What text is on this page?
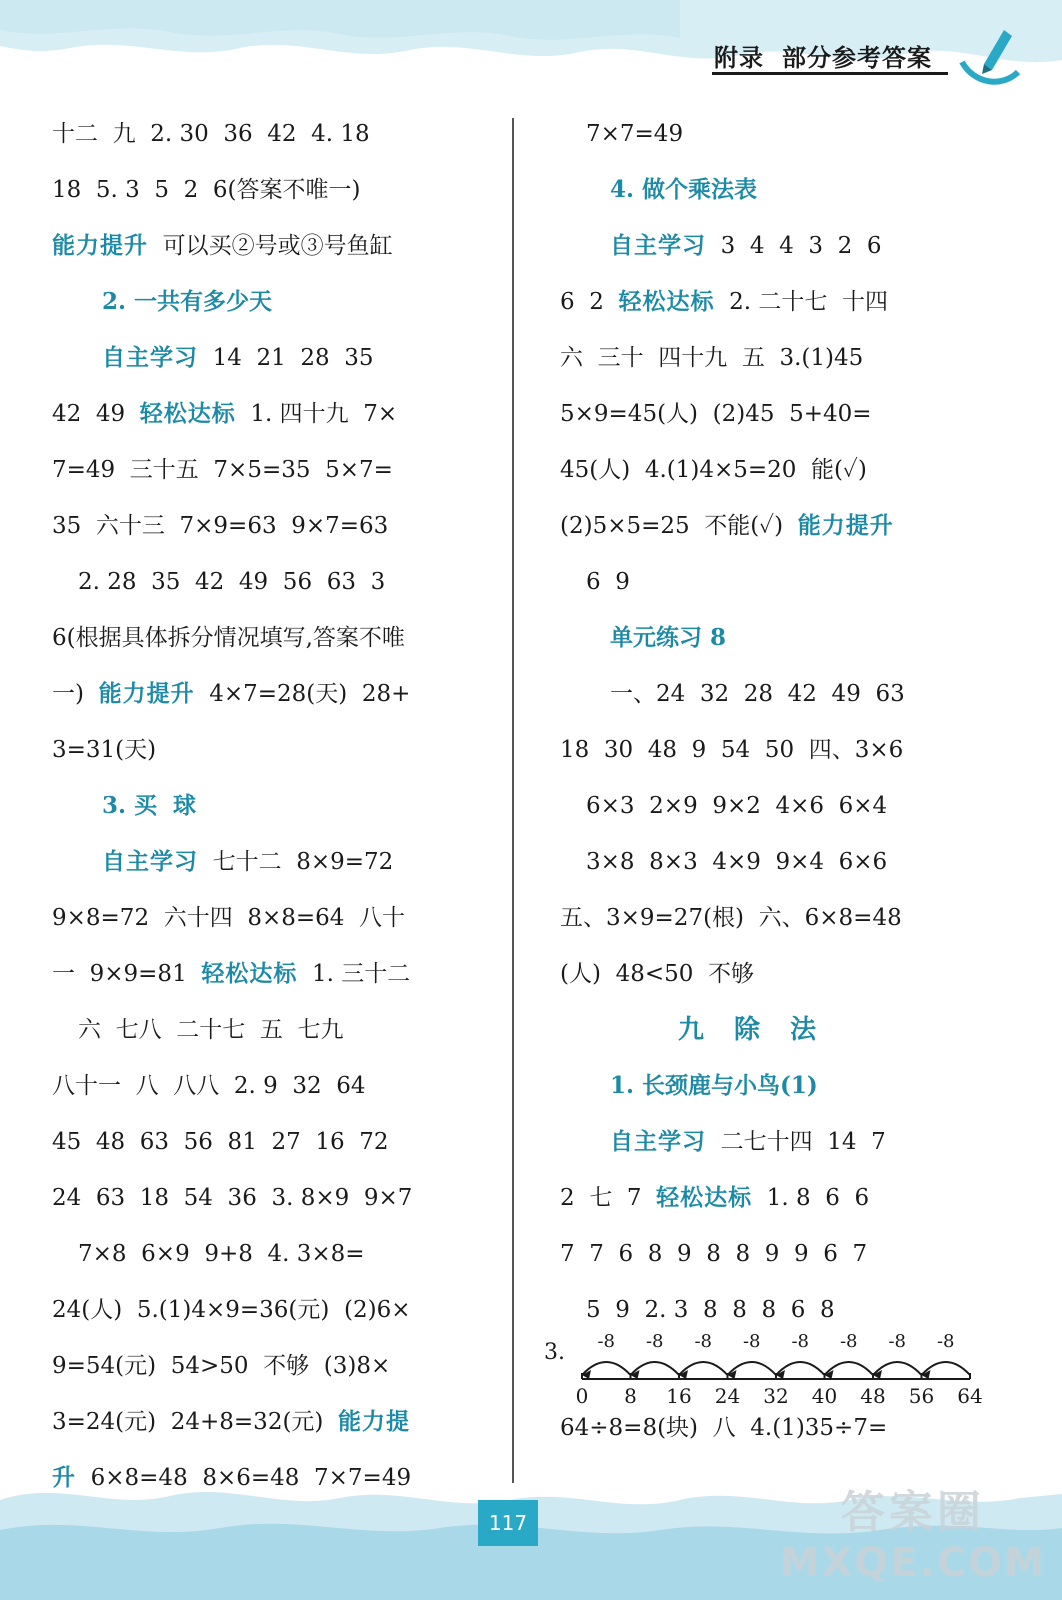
附录 部分参考答案
十二  九  2. 30  36  42  4. 18
18  5. 3  5  2  6(答案不唯一)
能力提升  可以买②号或③号鱼缸
2. 一共有多少天
自主学习  14  21  28  35
42  49  轻松达标  1. 四十九  7×
7=49  三十五  7×5=35  5×7=
35  六十三  7×9=63  9×7=63
2. 28  35  42  49  56  63  3
6(根据具体拆分情况填写,答案不唯
一)  能力提升  4×7=28(天)  28+
3=31(天)
3. 买  球
自主学习  七十二  8×9=72
9×8=72  六十四  8×8=64  八十
一  9×9=81  轻松达标  1. 三十二
六  七八  二十七  五  七九
八十一  八  八八  2. 9  32  64
45  48  63  56  81  27  16  72
24  63  18  54  36  3. 8×9  9×7
7×8  6×9  9+8  4. 3×8=
24(人)  5.(1)4×9=36(元)  (2)6×
9=54(元)  54>50  不够  (3)8×
3=24(元)  24+8=32(元)  能力提
升  6×8=48  8×6=48  7×7=49
7×7=49
4. 做个乘法表
自主学习  3  4  4  3  2  6
6  2  轻松达标  2. 二十七  十四
六  三十  四十九  五  3.(1)45
5×9=45(人)  (2)45  5+40=
45(人)  4.(1)4×5=20  能(✓)
(2)5×5=25  不能(✓)  能力提升
6  9
单元练习 8
一、24  32  28  42  49  63
18  30  48  9  54  50  四、3×6
6×3  2×9  9×2  4×6  6×4
3×8  8×3  4×9  9×4  6×6
五、3×9=27(根)  六、6×8=48
(人)  48<50  不够
九除法
1. 长颈鹿与小鸟(1)
自主学习  二七十四  14  7
2  七  7  轻松达标  1. 8  6  6
7  7  6  8  9  8  8  9  9  6  7
5  9  2. 3  8  8  8  6  8
64÷8=8(块)  八  4.(1)35÷7=
3.
0 8 16 24 32 40 48 56 64
-8
-8
-8
-8
-8
-8
-8
-8
117	答案圈
MXQE.COM
